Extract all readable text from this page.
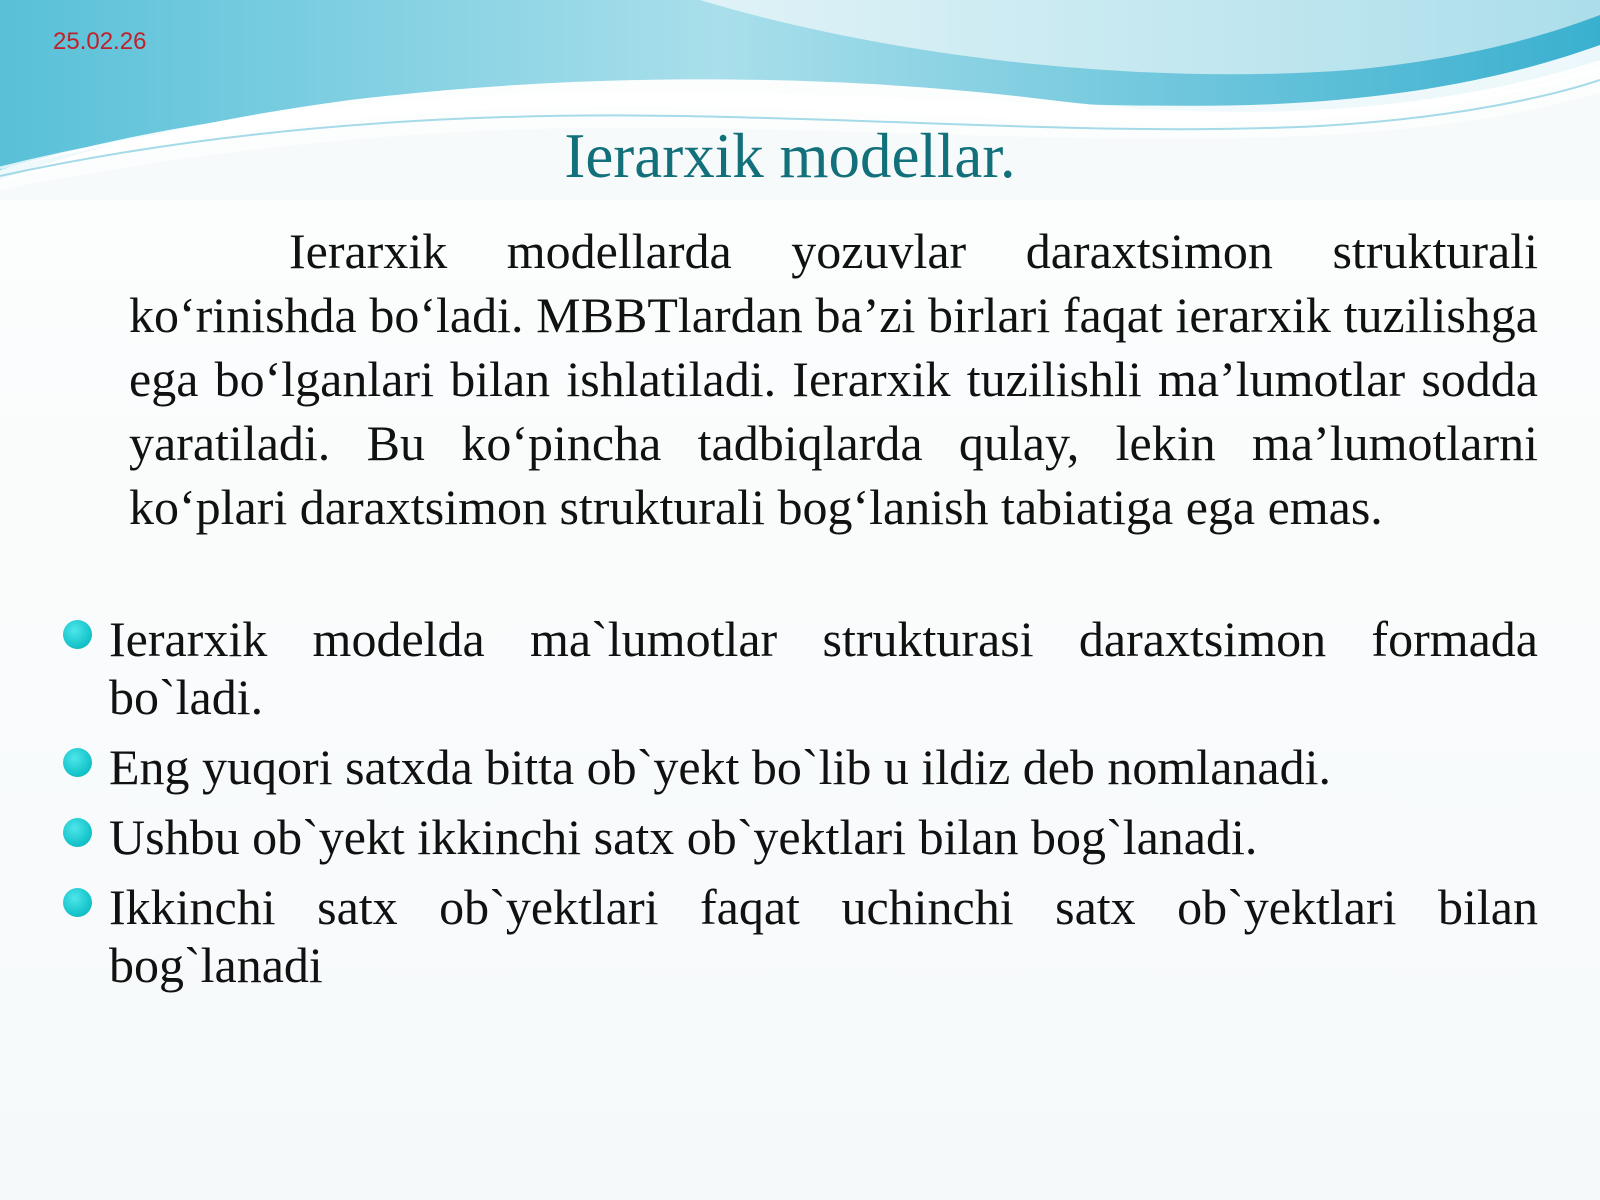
25.02.26
Ierarxik modellar.

Ierarxik modellarda yozuvlar daraxtsimon strukturali ko‘rinishda bo‘ladi. MBBTlardan ba’zi birlari faqat ierarxik tuzilishga ega bo‘lganlari bilan ishlatiladi. Ierarxik tuzilishli ma’lumotlar sodda yaratiladi. Bu ko‘pincha tadbiqlarda qulay, lekin ma’lumotlarni ko‘plari daraxtsimon strukturali bog‘lanish tabiatiga ega emas.

Ierarxik modelda ma`lumotlar strukturasi daraxtsimon formada bo`ladi.
Eng yuqori satxda bitta ob`yekt bo`lib u ildiz deb nomlanadi.
Ushbu ob`yekt ikkinchi satx ob`yektlari bilan bog`lanadi.
Ikkinchi satx ob`yektlari faqat uchinchi satx ob`yektlari bilan bog`lanadi
